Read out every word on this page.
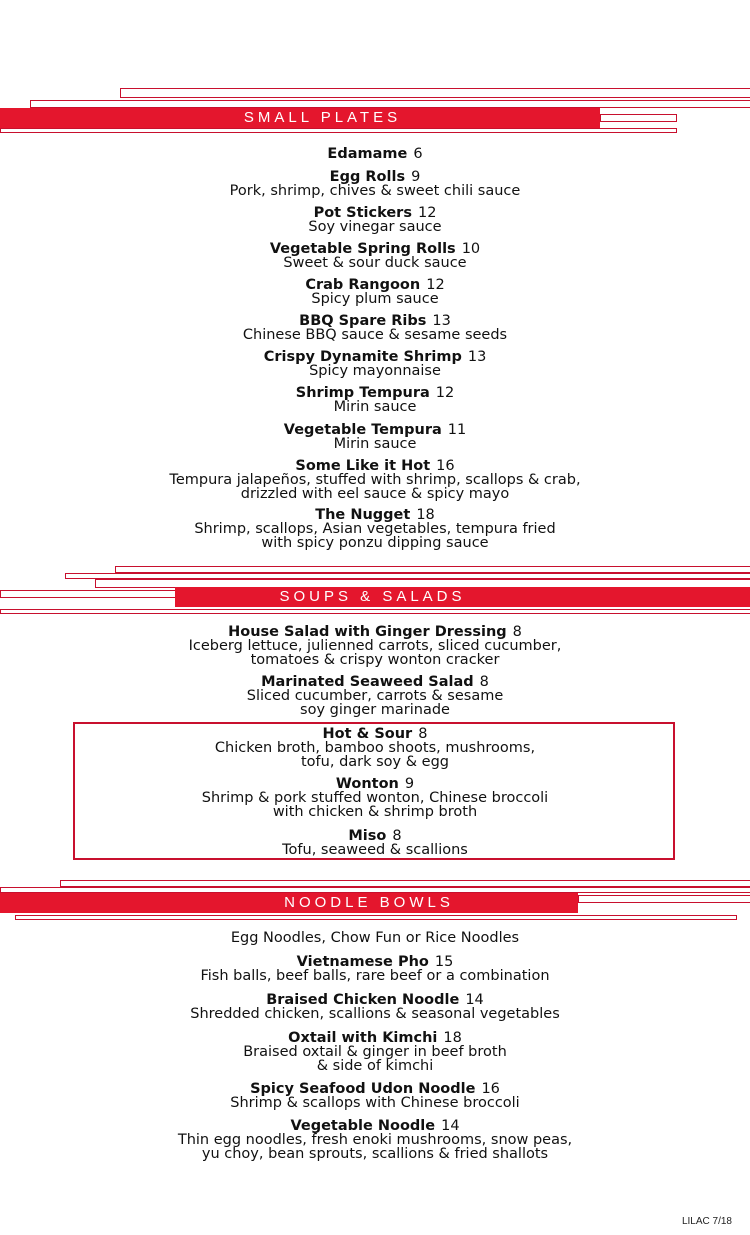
SMALL PLATES
Edamame 6
Egg Rolls 9
Pork, shrimp, chives & sweet chili sauce
Pot Stickers 12
Soy vinegar sauce
Vegetable Spring Rolls 10
Sweet & sour duck sauce
Crab Rangoon 12
Spicy plum sauce
BBQ Spare Ribs 13
Chinese BBQ sauce & sesame seeds
Crispy Dynamite Shrimp 13
Spicy mayonnaise
Shrimp Tempura 12
Mirin sauce
Vegetable Tempura 11
Mirin sauce
Some Like it Hot 16
Tempura jalapeños, stuffed with shrimp, scallops & crab,
drizzled with eel sauce & spicy mayo
The Nugget 18
Shrimp, scallops, Asian vegetables, tempura fried
with spicy ponzu dipping sauce
SOUPS & SALADS
House Salad with Ginger Dressing 8
Iceberg lettuce, julienned carrots, sliced cucumber,
tomatoes & crispy wonton cracker
Marinated Seaweed Salad 8
Sliced cucumber, carrots & sesame
soy ginger marinade
Hot & Sour 8
Chicken broth, bamboo shoots, mushrooms,
tofu, dark soy & egg
Wonton 9
Shrimp & pork stuffed wonton, Chinese broccoli
with chicken & shrimp broth
Miso 8
Tofu, seaweed & scallions
NOODLE BOWLS
Egg Noodles, Chow Fun or Rice Noodles
Vietnamese Pho 15
Fish balls, beef balls, rare beef or a combination
Braised Chicken Noodle 14
Shredded chicken, scallions & seasonal vegetables
Oxtail with Kimchi 18
Braised oxtail & ginger in beef broth
& side of kimchi
Spicy Seafood Udon Noodle 16
Shrimp & scallops with Chinese broccoli
Vegetable Noodle 14
Thin egg noodles, fresh enoki mushrooms, snow peas,
yu choy, bean sprouts, scallions & fried shallots
LILAC 7/18
